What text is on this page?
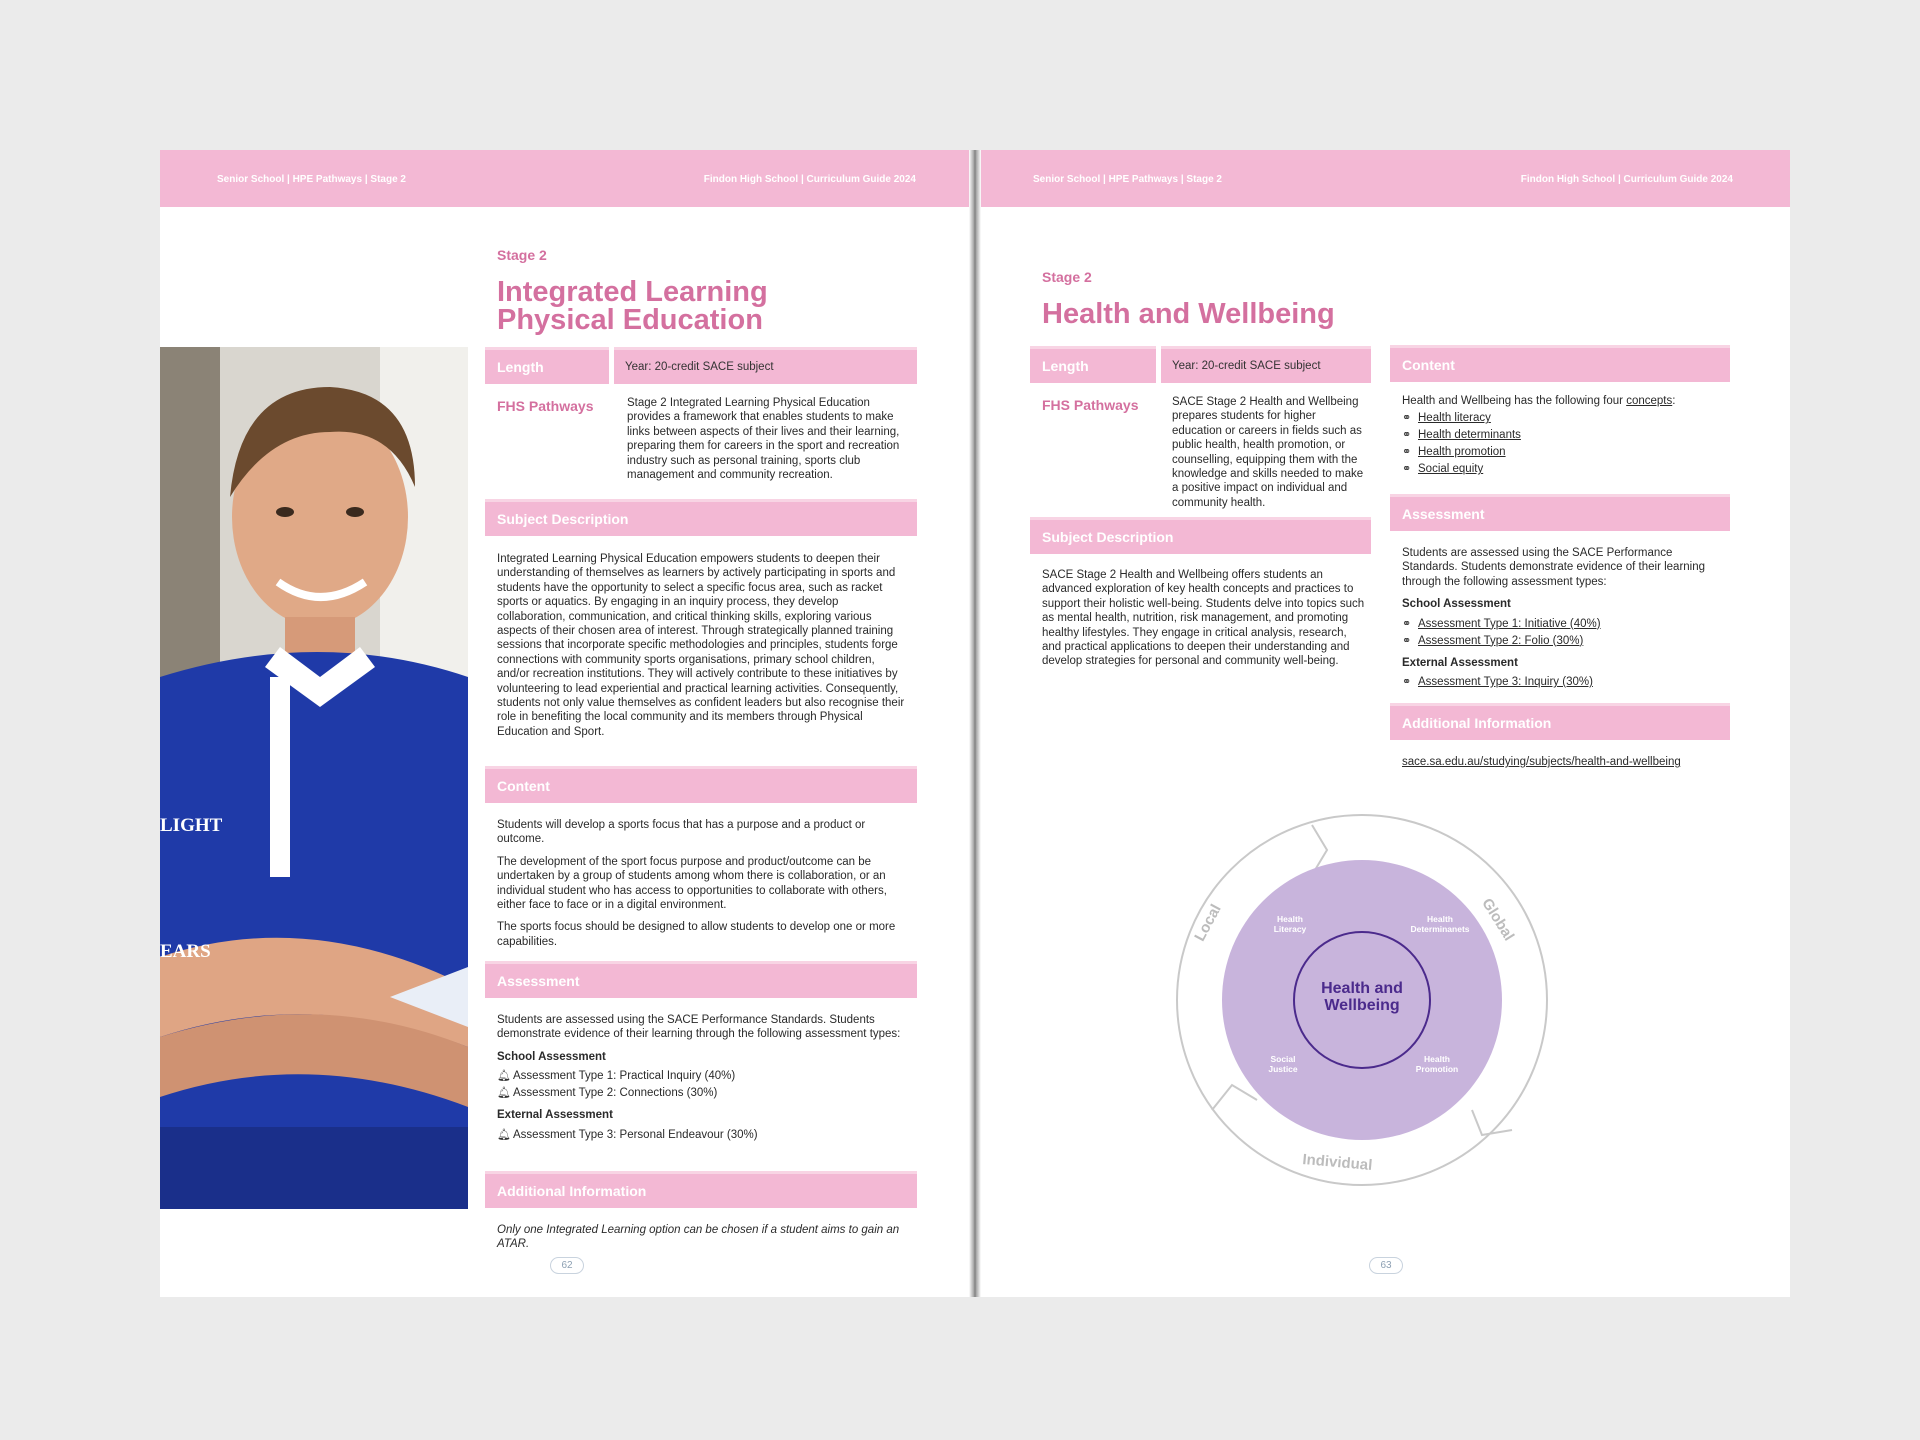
Senior School | HPE Pathways | Stage 2	Findon High School | Curriculum Guide 2024
LIGHT
EARS
Stage 2
Integrated Learning
Physical Education
Length	Year: 20-credit SACE subject
FHS Pathways	Stage 2 Integrated Learning Physical Education provides a framework that enables students to make links between aspects of their lives and their learning, preparing them for careers in the sport and recreation industry such as personal training, sports club management and community recreation.
Subject Description
Integrated Learning Physical Education empowers students to deepen their understanding of themselves as learners by actively participating in sports and students have the opportunity to select a specific focus area, such as racket sports or aquatics. By engaging in an inquiry process, they develop collaboration, communication, and critical thinking skills, exploring various aspects of their chosen area of interest. Through strategically planned training sessions that incorporate specific methodologies and principles, students forge connections with community sports organisations, primary school children, and/or recreation institutions. They will actively contribute to these initiatives by volunteering to lead experiential and practical learning activities. Consequently, students not only value themselves as confident leaders but also recognise their role in benefiting the local community and its members through Physical Education and Sport.
Content

Students will develop a sports focus that has a purpose and a product or outcome.

The development of the sport focus purpose and product/outcome can be undertaken by a group of students among whom there is collaboration, or an individual student who has access to opportunities to collaborate with others, either face to face or in a digital environment.

The sports focus should be designed to allow students to develop one or more capabilities.

Assessment

Students are assessed using the SACE Performance Standards. Students demonstrate evidence of their learning through the following assessment types:

School Assessment
🔔︎ Assessment Type 1: Practical Inquiry (40%)
🔔︎ Assessment Type 2: Connections (30%)
External Assessment
🔔︎ Assessment Type 3: Personal Endeavour (30%)
Additional Information
Only one Integrated Learning option can be chosen if a student aims to gain an ATAR.
62
Senior School | HPE Pathways | Stage 2	Findon High School | Curriculum Guide 2024
Stage 2
Health and Wellbeing
Length	Year: 20-credit SACE subject
FHS Pathways	SACE Stage 2 Health and Wellbeing prepares students for higher education or careers in fields such as public health, health promotion, or counselling, equipping them with the knowledge and skills needed to make a positive impact on individual and community health.
Subject Description
SACE Stage 2 Health and Wellbeing offers students an advanced exploration of key health concepts and practices to support their holistic well-being. Students delve into topics such as mental health, nutrition, risk management, and promoting healthy lifestyles. They engage in critical analysis, research, and practical applications to deepen their understanding and develop strategies for personal and community well-being.
Content

Health and Wellbeing has the following four concepts:

⚭ Health literacy
⚭ Health determinants
⚭ Health promotion
⚭ Social equity
Assessment

Students are assessed using the SACE Performance Standards. Students demonstrate evidence of their learning through the following assessment types:

School Assessment
⚭ Assessment Type 1: Initiative (40%)
⚭ Assessment Type 2: Folio (30%)
External Assessment
⚭ Assessment Type 3: Inquiry (30%)
Additional Information
sace.sa.edu.au/studying/subjects/health-and-wellbeing
Health and
Wellbeing
Health
Literacy
Health
Determinanets
Social
Justice
Health
Promotion
Local	Global
Individual
63
